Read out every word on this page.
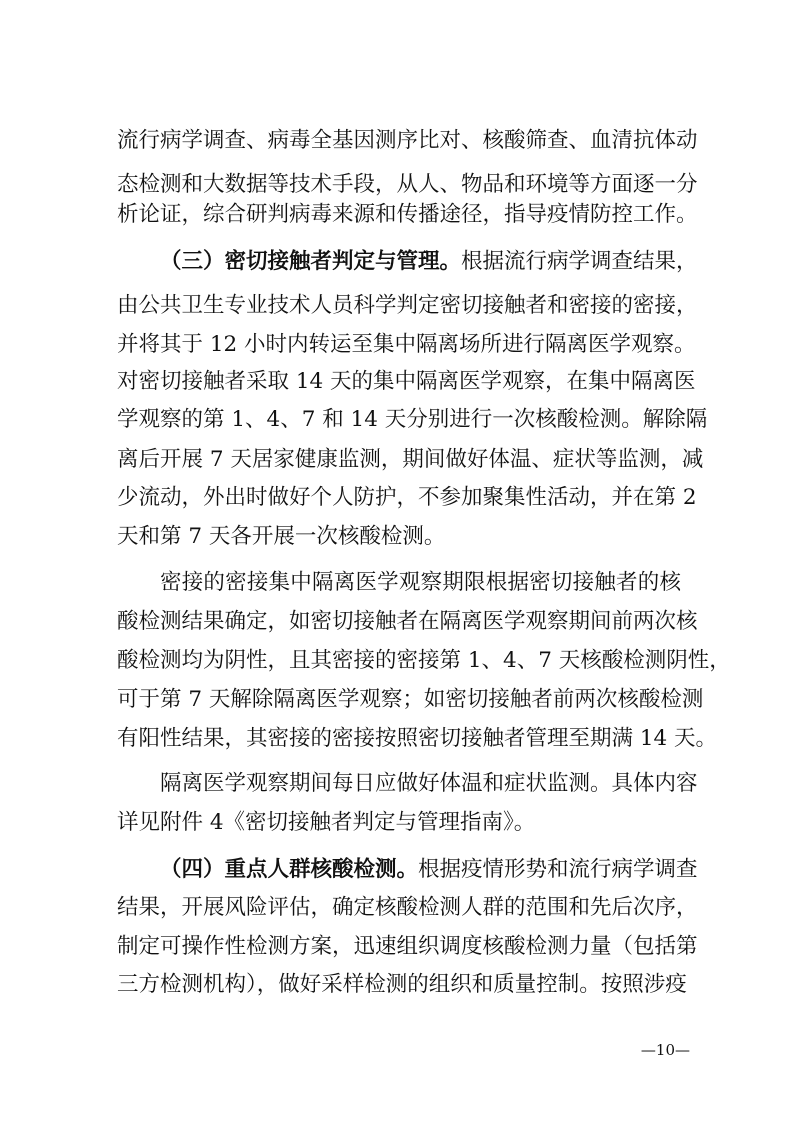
流行病学调查、病毒全基因测序比对、核酸筛查、血清抗体动
态检测和大数据等技术手段，从人、物品和环境等方面逐一分
析论证，综合研判病毒来源和传播途径，指导疫情防控工作。
（三）密切接触者判定与管理。根据流行病学调查结果，
由公共卫生专业技术人员科学判定密切接触者和密接的密接，
并将其于 12 小时内转运至集中隔离场所进行隔离医学观察。
对密切接触者采取 14 天的集中隔离医学观察，在集中隔离医
学观察的第 1、4、7 和 14 天分别进行一次核酸检测。解除隔
离后开展 7 天居家健康监测，期间做好体温、症状等监测，减
少流动，外出时做好个人防护，不参加聚集性活动，并在第 2
天和第 7 天各开展一次核酸检测。
密接的密接集中隔离医学观察期限根据密切接触者的核
酸检测结果确定，如密切接触者在隔离医学观察期间前两次核
酸检测均为阴性，且其密接的密接第 1、4、7 天核酸检测阴性，
可于第 7 天解除隔离医学观察；如密切接触者前两次核酸检测
有阳性结果，其密接的密接按照密切接触者管理至期满 14 天。
隔离医学观察期间每日应做好体温和症状监测。具体内容
详见附件 4《密切接触者判定与管理指南》。
（四）重点人群核酸检测。根据疫情形势和流行病学调查
结果，开展风险评估，确定核酸检测人群的范围和先后次序，
制定可操作性检测方案，迅速组织调度核酸检测力量（包括第
三方检测机构），做好采样检测的组织和质量控制。按照涉疫
—10—
